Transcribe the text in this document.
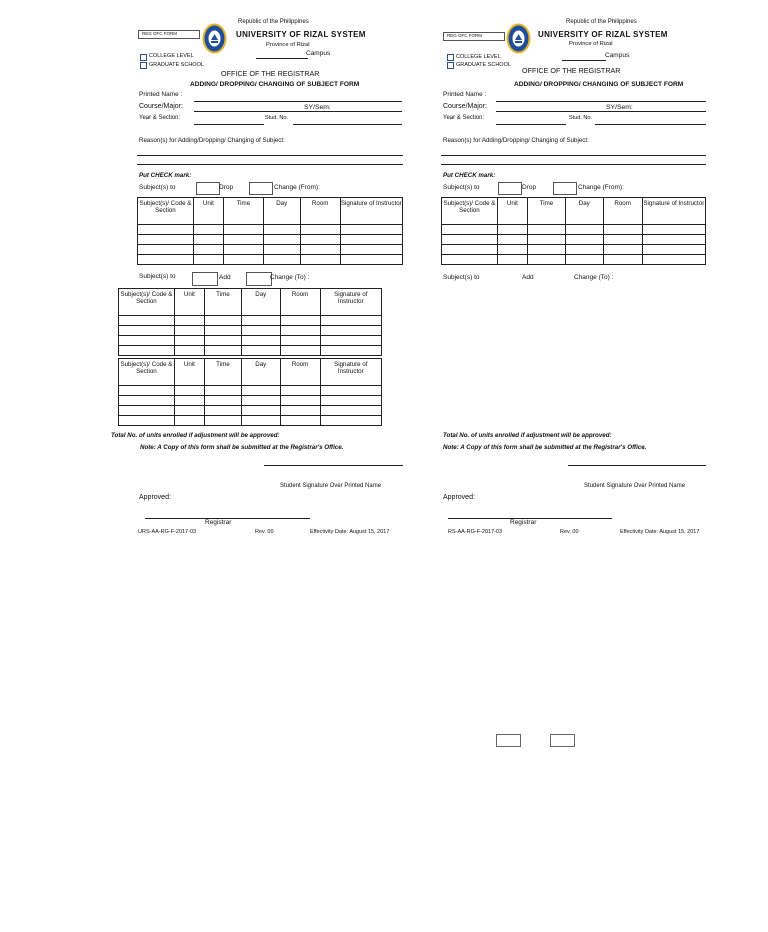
Republic of the Philippines
REG OFC FORM	UNIVERSITY OF RIZAL SYSTEM
Province of Rizal
Campus
COLLEGE LEVEL
GRADUATE SCHOOL
OFFICE OF THE REGISTRAR
ADDING/ DROPPING/ CHANGING OF SUBJECT FORM
Printed Name :
Course/Major:	SY/Sem:
Year & Section:	Stud. No.
Reason(s) for Adding/Dropping/ Changing of Subject:
Put CHECK mark:
Subject(s) to	Drop	Change (From):
Subject(s)/ Code & Section	Unit	Time	Day	Room	Signature of Instructor

Subject(s) to	Add	Change (To) :
Subject(s)/ Code & Section	Unit	Time	Day	Room	Signature of Instructor

Subject(s)/ Code & Section	Unit	Time	Day	Room	Signature of Instructor

Total No. of units enrolled if adjustment will be approved:
Note: A Copy of this form shall be submitted at the Registrar's Office.
Student Signature Over Printed Name
Approved:
Registrar
URS-AA-RG-F-2017-03	Rev. 00	Effectivity Date: August 15, 2017
Republic of the Philippines
REG OFC FORM	UNIVERSITY OF RIZAL SYSTEM
Province of Rizal
Campus
COLLEGE LEVEL
GRADUATE SCHOOL
OFFICE OF THE REGISTRAR
ADDING/ DROPPING/ CHANGING OF SUBJECT FORM
Printed Name :
Course/Major:	SY/Sem:
Year & Section:	Stud. No.
Reason(s) for Adding/Dropping/ Changing of Subject:
Put CHECK mark:
Subject(s) to	Drop	Change (From):
Subject(s)/ Code & Section	Unit	Time	Day	Room	Signature of Instructor

Subject(s) to	Add	Change (To) :
Total No. of units enrolled if adjustment will be approved:
Note: A Copy of this form shall be submitted at the Registrar's Office.
Student Signature Over Printed Name
Approved:
Registrar
RS-AA-RG-F-2017-03	Rev. 00	Effectivity Date: August 15, 2017
